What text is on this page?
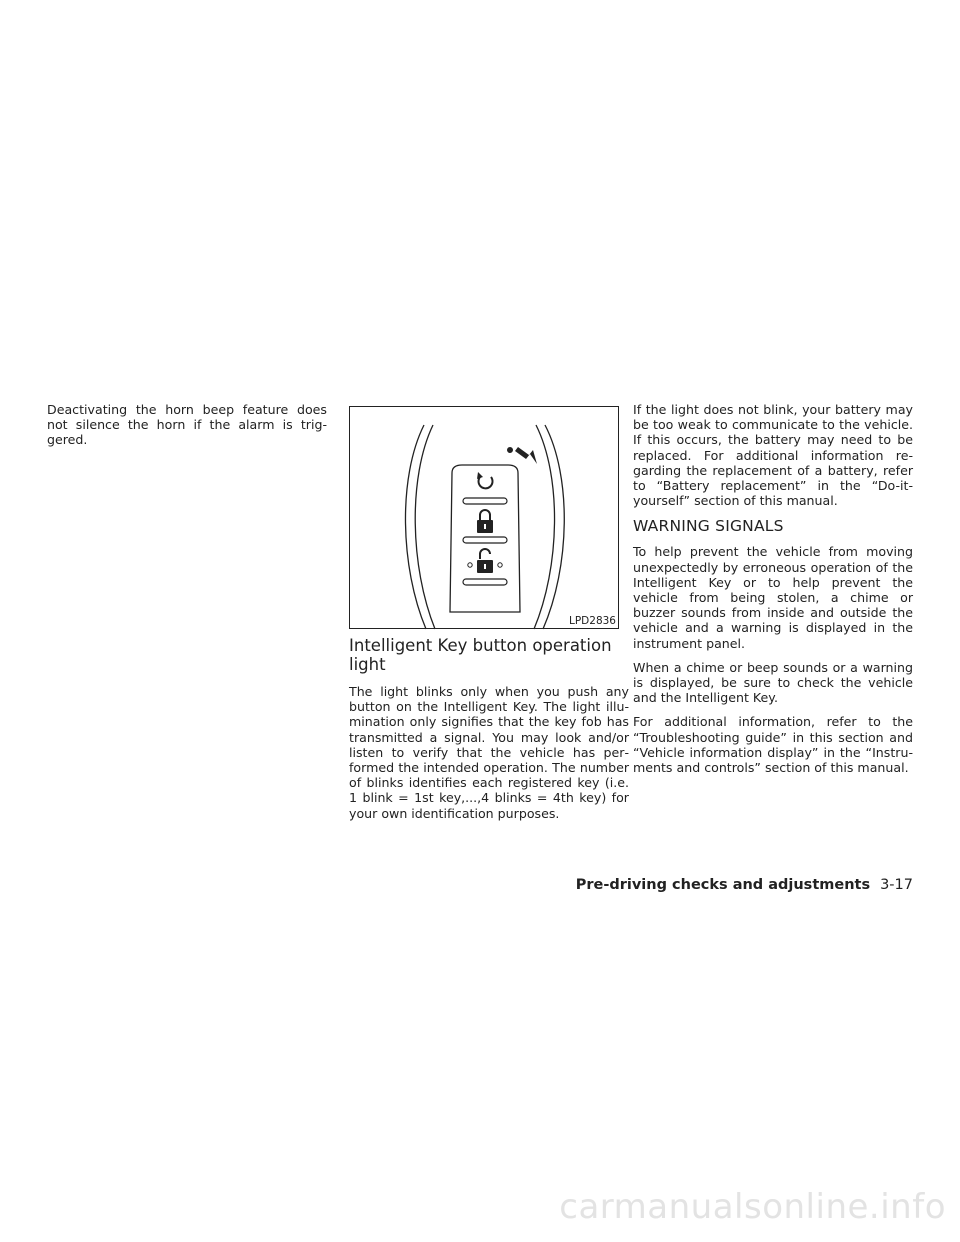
Deactivating the horn beep feature does not silence the horn if the alarm is triggered.

LPD2836
Intelligent Key button operation light

The light blinks only when you push any button on the Intelligent Key. The light illumination only signifies that the key fob has transmitted a signal. You may look and/or listen to verify that the vehicle has performed the intended operation. The number of blinks identifies each registered key (i.e. 1 blink = 1st key,...,4 blinks = 4th key) for your own identification purposes.

If the light does not blink, your battery may be too weak to communicate to the vehicle. If this occurs, the battery may need to be replaced. For additional information regarding the replacement of a battery, refer to “Battery replacement” in the “Do-it-yourself” section of this manual.

WARNING SIGNALS

To help prevent the vehicle from moving unexpectedly by erroneous operation of the Intelligent Key or to help prevent the vehicle from being stolen, a chime or buzzer sounds from inside and outside the vehicle and a warning is displayed in the instrument panel.

When a chime or beep sounds or a warning is displayed, be sure to check the vehicle and the Intelligent Key.

For additional information, refer to the “Troubleshooting guide” in this section and “Vehicle information display” in the “Instruments and controls” section of this manual.

Pre-driving checks and adjustments 3-17
carmanualsonline.info
